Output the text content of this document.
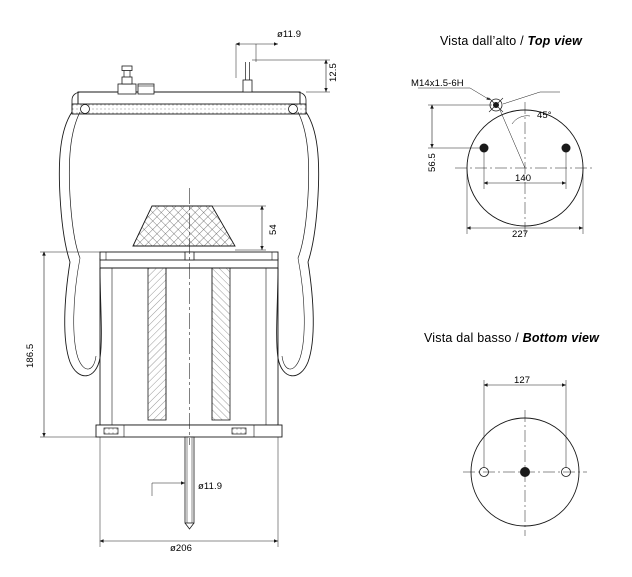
Vista dall’alto / Top view
Vista dal basso / Bottom view
ø11.9
12.5
54
186.5
ø11.9
ø206
M14x1.5-6H
45°
56.5
140
227
127
